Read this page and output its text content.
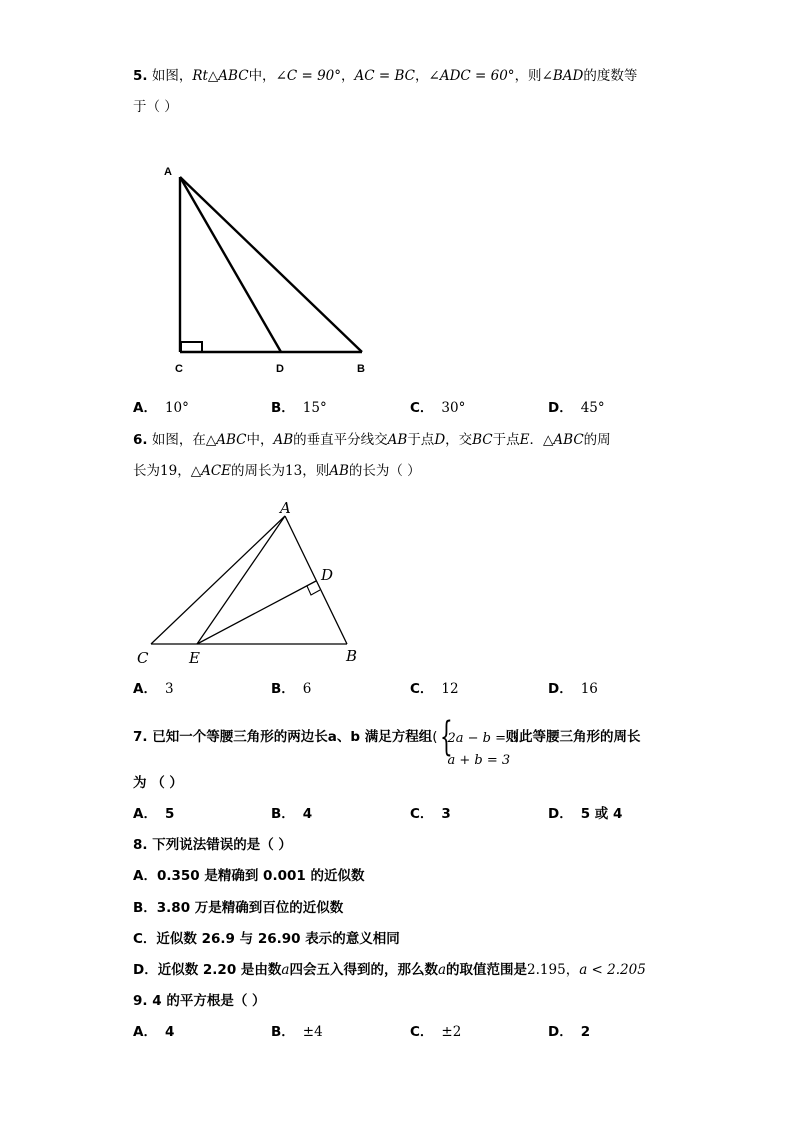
5. 如图，Rt△ABC中，∠C = 90°，AC = BC，∠ADC = 60°，则∠BAD的度数等
于（ ）
A
C	D	B
A． 10°	B． 15°	C． 30°	D． 45°
6. 如图，在△ABC中，AB的垂直平分线交AB于点D，交BC于点E．△ABC的周
长为19，△ACE的周长为13，则AB的长为（ ）
A
D
C	E	B
A． 3	B． 6	C． 12	D． 16
7. 已知一个等腰三角形的两边长a、b 满足方程组( {
2a − b = 3
a + b = 3
则此等腰三角形的周长
为 （ ）
A． 5	B． 4	C． 3	D． 5 或 4
8. 下列说法错误的是（ ）
A．0.350 是精确到 0.001 的近似数
B．3.80 万是精确到百位的近似数
C．近似数 26.9 与 26.90 表示的意义相同
D．近似数 2.20 是由数a四会五入得到的，那么数a的取值范围是2.195，a < 2.205
9. 4 的平方根是（ ）
A． 4	B． ±4	C． ±2	D． 2
